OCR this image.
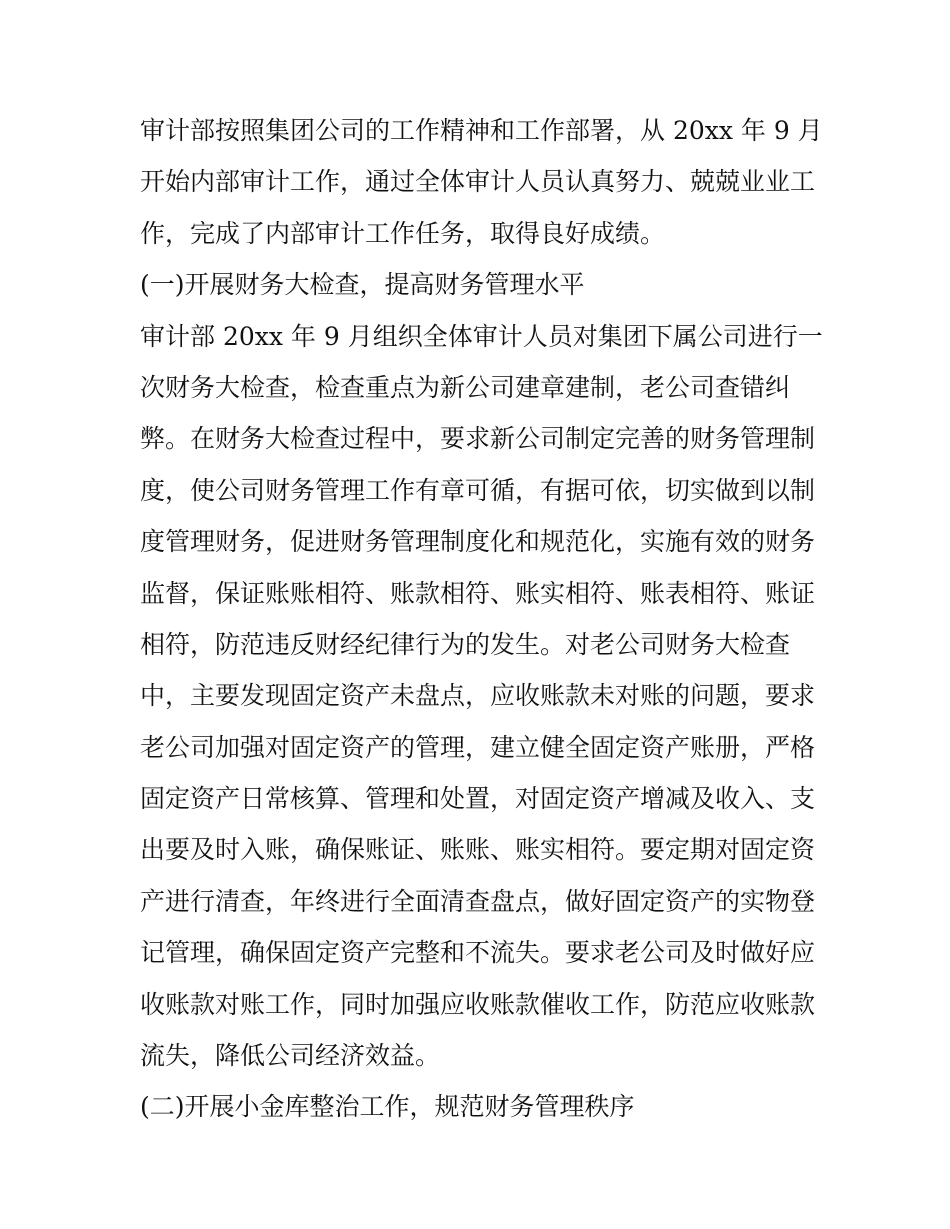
审计部按照集团公司的工作精神和工作部署，从 20xx 年 9 月
开始内部审计工作，通过全体审计人员认真努力、兢兢业业工
作，完成了内部审计工作任务，取得良好成绩。
(一)开展财务大检查，提高财务管理水平
审计部 20xx 年 9 月组织全体审计人员对集团下属公司进行一
次财务大检查，检查重点为新公司建章建制，老公司查错纠
弊。在财务大检查过程中，要求新公司制定完善的财务管理制
度，使公司财务管理工作有章可循，有据可依，切实做到以制
度管理财务，促进财务管理制度化和规范化，实施有效的财务
监督，保证账账相符、账款相符、账实相符、账表相符、账证
相符，防范违反财经纪律行为的发生。对老公司财务大检查
中，主要发现固定资产未盘点，应收账款未对账的问题，要求
老公司加强对固定资产的管理，建立健全固定资产账册，严格
固定资产日常核算、管理和处置，对固定资产增减及收入、支
出要及时入账，确保账证、账账、账实相符。要定期对固定资
产进行清查，年终进行全面清查盘点，做好固定资产的实物登
记管理，确保固定资产完整和不流失。要求老公司及时做好应
收账款对账工作，同时加强应收账款催收工作，防范应收账款
流失，降低公司经济效益。
(二)开展小金库整治工作，规范财务管理秩序
